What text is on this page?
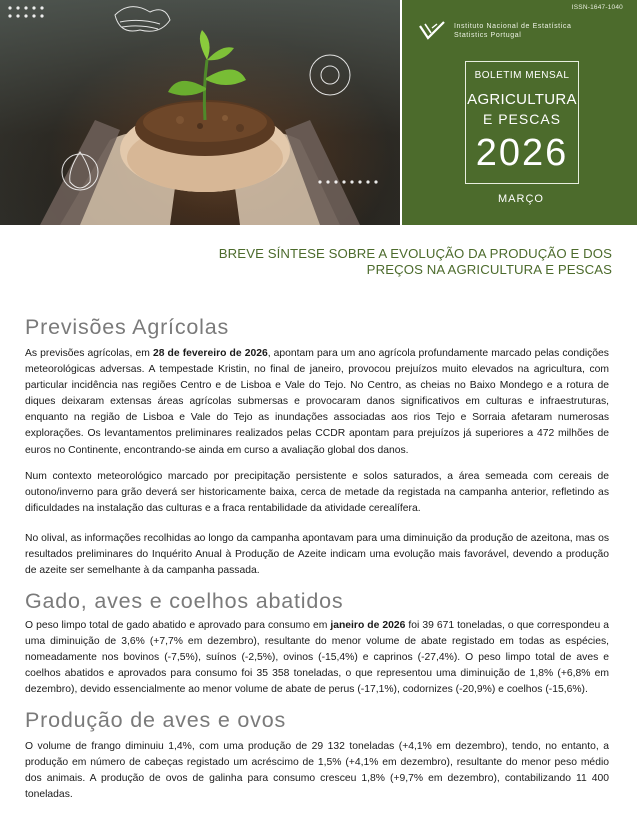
ISSN-1647-1040
Instituto Nacional de Estatística
Statistics Portugal
BOLETIM MENSAL
AGRICULTURA
E PESCAS
2026
MARÇO
BREVE SÍNTESE SOBRE A EVOLUÇÃO DA PRODUÇÃO E DOS
PREÇOS NA AGRICULTURA E PESCAS
Previsões Agrícolas

As previsões agrícolas, em 28 de fevereiro de 2026, apontam para um ano agrícola profundamente marcado pelas condições meteorológicas adversas. A tempestade Kristin, no final de janeiro, provocou prejuízos muito elevados na agricultura, com particular incidência nas regiões Centro e de Lisboa e Vale do Tejo. No Centro, as cheias no Baixo Mondego e a rotura de diques deixaram extensas áreas agrícolas submersas e provocaram danos significativos em culturas e infraestruturas, enquanto na região de Lisboa e Vale do Tejo as inundações associadas aos rios Tejo e Sorraia afetaram numerosas explorações. Os levantamentos preliminares realizados pelas CCDR apontam para prejuízos já superiores a 472 milhões de euros no Continente, encontrando-se ainda em curso a avaliação global dos danos.

Num contexto meteorológico marcado por precipitação persistente e solos saturados, a área semeada com cereais de outono/inverno para grão deverá ser historicamente baixa, cerca de metade da registada na campanha anterior, refletindo as dificuldades na instalação das culturas e a fraca rentabilidade da atividade cerealífera.

No olival, as informações recolhidas ao longo da campanha apontavam para uma diminuição da produção de azeitona, mas os resultados preliminares do Inquérito Anual à Produção de Azeite indicam uma evolução mais favorável, devendo a produção de azeite ser semelhante à da campanha passada.

Gado, aves e coelhos abatidos

O peso limpo total de gado abatido e aprovado para consumo em janeiro de 2026 foi 39 671 toneladas, o que correspondeu a uma diminuição de 3,6% (+7,7% em dezembro), resultante do menor volume de abate registado em todas as espécies, nomeadamente nos bovinos (-7,5%), suínos (-2,5%), ovinos (-15,4%) e caprinos (-27,4%). O peso limpo total de aves e coelhos abatidos e aprovados para consumo foi 35 358 toneladas, o que representou uma diminuição de 1,8% (+6,8% em dezembro), devido essencialmente ao menor volume de abate de perus (-17,1%), codornizes (-20,9%) e coelhos (-15,6%).

Produção de aves e ovos

O volume de frango diminuiu 1,4%, com uma produção de 29 132 toneladas (+4,1% em dezembro), tendo, no entanto, a produção em número de cabeças registado um acréscimo de 1,5% (+4,1% em dezembro), resultante do menor peso médio dos animais. A produção de ovos de galinha para consumo cresceu 1,8% (+9,7% em dezembro), contabilizando 11 400 toneladas.
